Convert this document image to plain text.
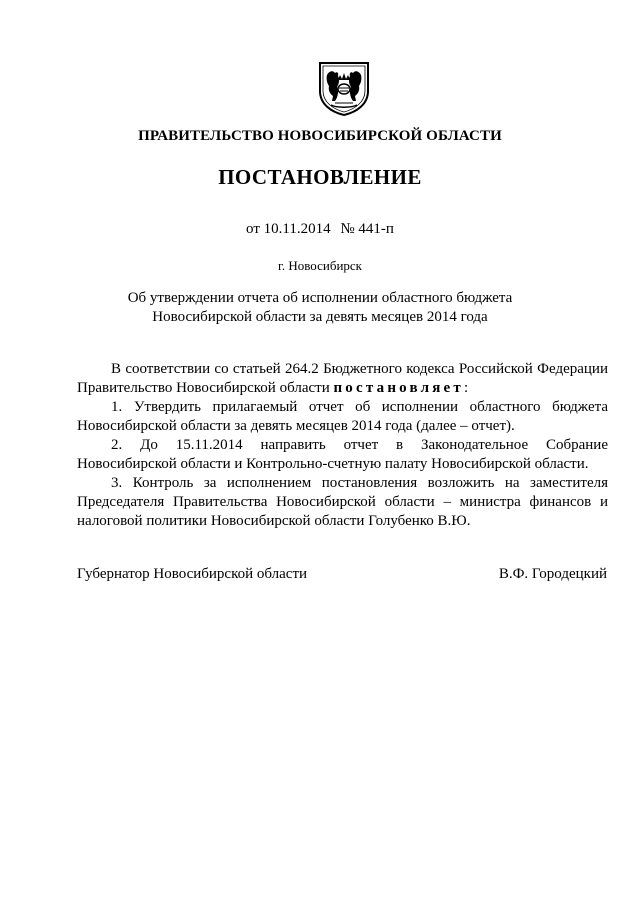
ПРАВИТЕЛЬСТВО НОВОСИБИРСКОЙ ОБЛАСТИ
ПОСТАНОВЛЕНИЕ
от 10.11.2014 № 441-п
г. Новосибирск
Об утверждении отчета об исполнении областного бюджета
Новосибирской области за девять месяцев 2014 года

В соответствии со статьей 264.2 Бюджетного кодекса Российской Федерации Правительство Новосибирской области постановляет:

1. Утвердить прилагаемый отчет об исполнении областного бюджета Новосибирской области за девять месяцев 2014 года (далее – отчет).

2. До 15.11.2014 направить отчет в Законодательное Собрание Новосибирской области и Контрольно-счетную палату Новосибирской области.

3. Контроль за исполнением постановления возложить на заместителя Председателя Правительства Новосибирской области – министра финансов и налоговой политики Новосибирской области Голубенко В.Ю.

Губернатор Новосибирской области	В.Ф. Городецкий
